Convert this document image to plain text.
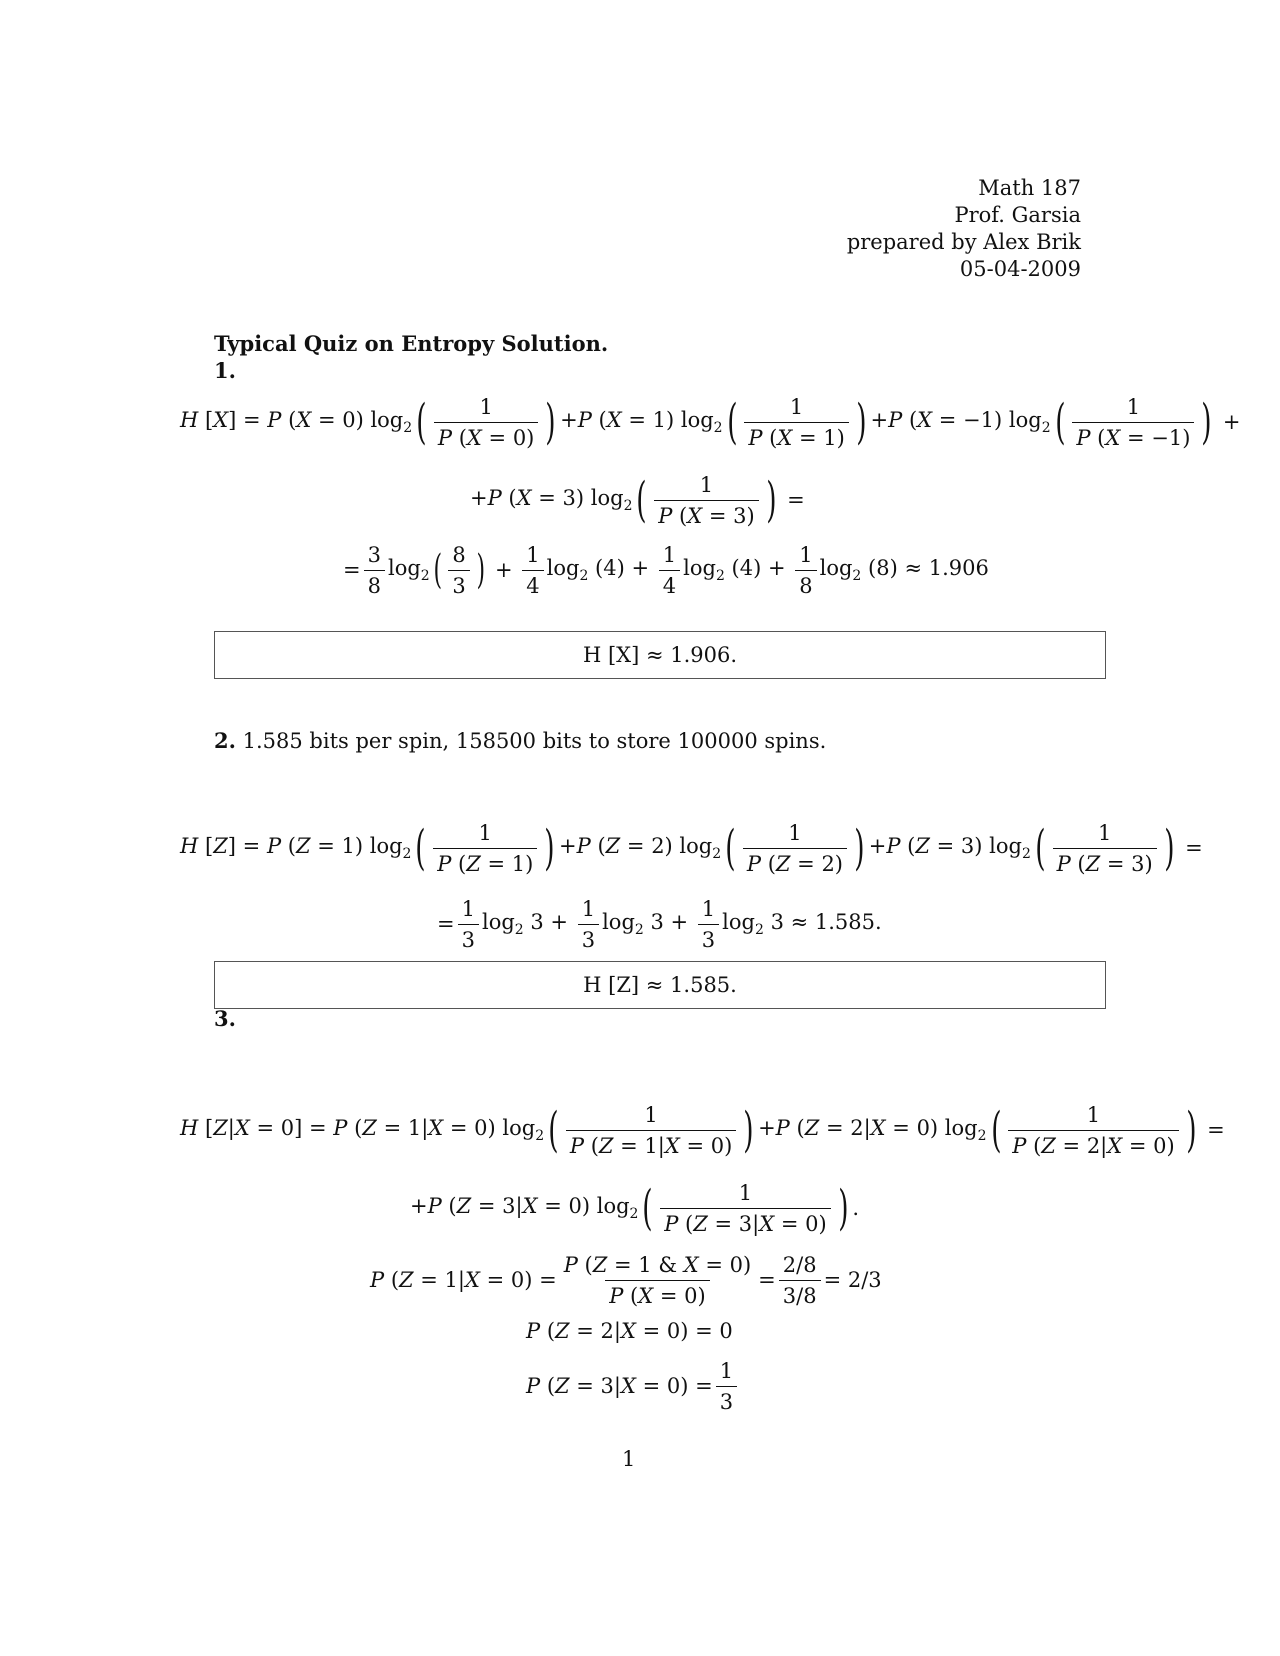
Math 187
Prof. Garsia
prepared by Alex Brik
05-04-2009
Typical Quiz on Entropy Solution.
1.
H [X] = P (X = 0) $\log_2$ ( $\frac{1}{P (X = 0)}$ ) +P (X = 1) $\log_2$ ( $\frac{1}{P (X = 1)}$ ) +P (X = −1) $\log_2$ ( $\frac{1}{P (X = -1)}$ ) +
+P (X = 3) $\log_2$ ( $\frac{1}{P (X = 3)}$ ) =
= $\frac{3}{8} \log_2$ ( $\frac{8}{3}$ ) + $\frac{1}{4} \log_2 (4) + \frac{1}{4} \log_2 (4) + \frac{1}{8} \log_2 (8) \approx 1.906$
H [X] ≈ 1.906.
2. 1.585 bits per spin, 158500 bits to store 100000 spins.
H [Z] = P (Z = 1) $\log_2$ ( $\frac{1}{P (Z = 1)}$ ) +P (Z = 2) $\log_2$ ( $\frac{1}{P (Z = 2)}$ ) +P (Z = 3) $\log_2$ ( $\frac{1}{P (Z = 3)}$ ) =
= $\frac{1}{3} \log_2 3 + \frac{1}{3} \log_2 3 + \frac{1}{3} \log_2 3 \approx 1.585$.
H [Z] ≈ 1.585.
3.
H [Z|X = 0] = P (Z = 1|X = 0) $\log_2$ ( $\frac{1}{P (Z = 1|X = 0)}$ ) +P (Z = 2|X = 0) $\log_2$ ( $\frac{1}{P (Z = 2|X = 0)}$ ) =
+P (Z = 3|X = 0) $\log_2$ ( $\frac{1}{P (Z = 3|X = 0)}$ ) .
P $(Z = 1|X = 0) = \frac{P (Z = 1 \& X = 0)}{P (X = 0)} = \frac{2/8}{3/8} = 2/3$
P (Z = 2|X = 0) = 0
P $(Z = 3|X = 0) = \frac{1}{3}$
1
